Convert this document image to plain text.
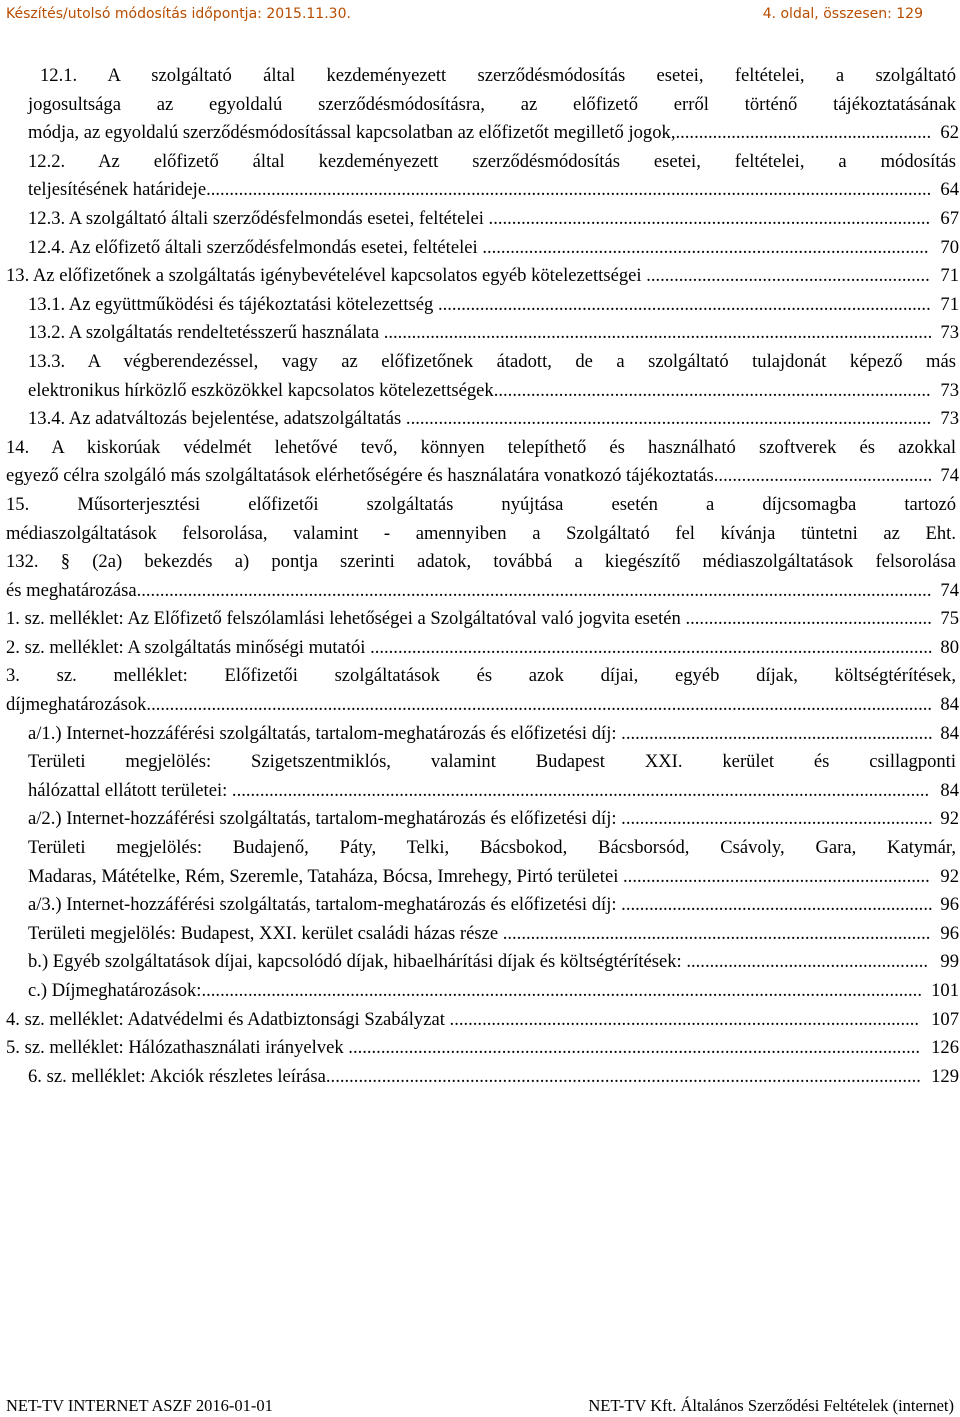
Készítés/utolsó módosítás időpontja: 2015.11.30.	4. oldal, összesen: 129
12.1. A szolgáltató által kezdeményezett szerződésmódosítás esetei, feltételei, a szolgáltató
jogosultsága az egyoldalú szerződésmódosításra, az előfizető erről történő tájékoztatásának
módja, az egyoldalú szerződésmódosítással kapcsolatban az előfizetőt megillető jogok,....................................................... 62
12.2. Az előfizető által kezdeményezett szerződésmódosítás esetei, feltételei, a módosítás
teljesítésének határideje............................................................................................................................................................ 64
12.3. A szolgáltató általi szerződésfelmondás esetei, feltételei ............................................................................................... 67
12.4. Az előfizető általi szerződésfelmondás esetei, feltételei ................................................................................................ 70
13. Az előfizetőnek a szolgáltatás igénybevételével kapcsolatos egyéb kötelezettségei ............................................................. 71
13.1. Az együttműködési és tájékoztatási kötelezettség .......................................................................................................... 71
13.2. A szolgáltatás rendeltetésszerű használata ...................................................................................................................... 73
13.3. A végberendezéssel, vagy az előfizetőnek átadott, de a szolgáltató tulajdonát képező más
elektronikus hírközlő eszközökkel kapcsolatos kötelezettségek.............................................................................................. 73
13.4. Az adatváltozás bejelentése, adatszolgáltatás ................................................................................................................. 73
14. A kiskorúak védelmét lehetővé tevő, könnyen telepíthető és használható szoftverek és azokkal
egyező célra szolgáló más szolgáltatások elérhetőségére és használatára vonatkozó tájékoztatás............................................... 74
15. Műsorterjesztési előfizetői szolgáltatás nyújtása esetén a díjcsomagba tartozó
médiaszolgáltatások felsorolása, valamint - amennyiben a Szolgáltató fel kívánja tüntetni az Eht.
132. § (2a) bekezdés a) pontja szerinti adatok, továbbá a kiegészítő médiaszolgáltatások felsorolása
és meghatározása........................................................................................................................................................................... 74
1. sz. melléklet: Az Előfizető felszólamlási lehetőségei a Szolgáltatóval való jogvita esetén ..................................................... 75
2. sz. melléklet: A szolgáltatás minőségi mutatói ......................................................................................................................... 80
3. sz. melléklet: Előfizetői szolgáltatások és azok díjai, egyéb díjak, költségtérítések,
díjmeghatározások......................................................................................................................................................................... 84
a/1.) Internet-hozzáférési szolgáltatás, tartalom-meghatározás és előfizetési díj: ................................................................... 84
Területi megjelölés: Szigetszentmiklós, valamint Budapest XXI. kerület és csillagponti
hálózattal ellátott területei: ...................................................................................................................................................... 84
a/2.) Internet-hozzáférési szolgáltatás, tartalom-meghatározás és előfizetési díj: ................................................................... 92
Területi megjelölés: Budajenő, Páty, Telki, Bácsbokod, Bácsborsód, Csávoly, Gara, Katymár,
Madaras, Mátételke, Rém, Szeremle, Tataháza, Bócsa, Imrehegy, Pirtó területei .................................................................. 92
a/3.) Internet-hozzáférési szolgáltatás, tartalom-meghatározás és előfizetési díj: ................................................................... 96
Területi megjelölés: Budapest, XXI. kerület családi házas része ............................................................................................ 96
b.) Egyéb szolgáltatások díjai, kapcsolódó díjak, hibaelhárítási díjak és költségtérítések: .................................................... 99
c.) Díjmeghatározások:........................................................................................................................................................... 101
4. sz. melléklet: Adatvédelmi és Adatbiztonsági Szabályzat ..................................................................................................... 107
5. sz. melléklet: Hálózathasználati irányelvek ........................................................................................................................... 126
6. sz. melléklet: Akciók részletes leírása................................................................................................................................ 129
NET-TV INTERNET ASZF 2016-01-01	NET-TV Kft. Általános Szerződési Feltételek (internet)
